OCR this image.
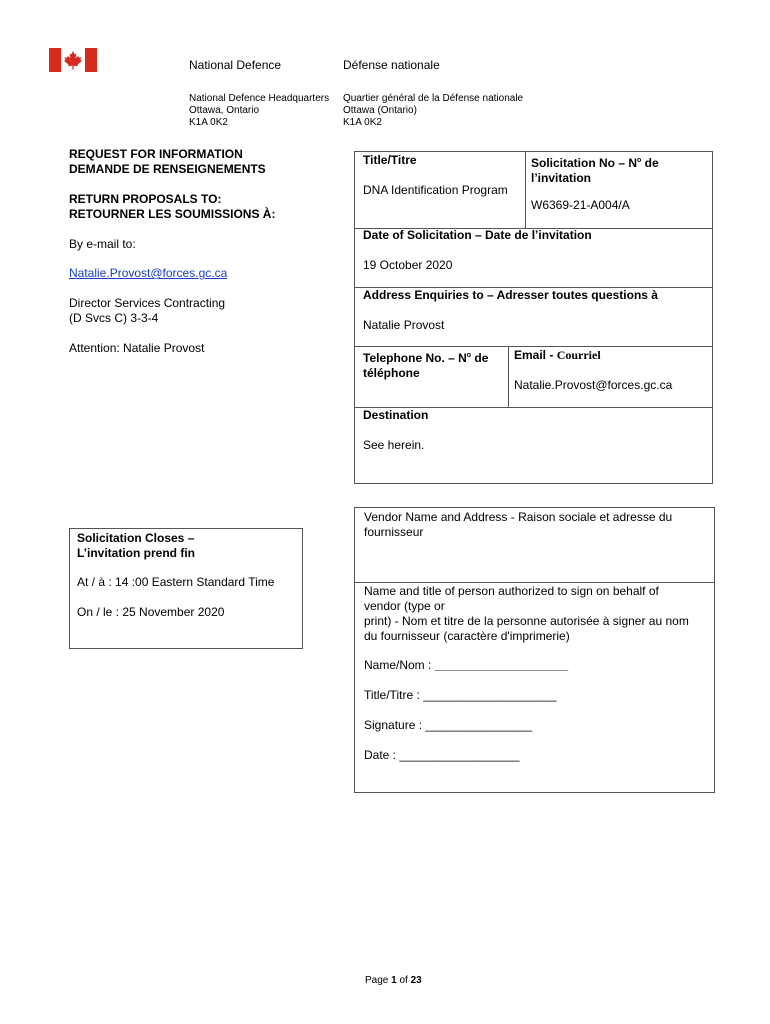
National Defence	Défense nationale
National Defence Headquarters
Ottawa, Ontario
K1A 0K2
Quartier général de la Défense nationale
Ottawa (Ontario)
K1A 0K2
REQUEST FOR INFORMATION
DEMANDE DE RENSEIGNEMENTS
RETURN PROPOSALS TO:
RETOURNER LES SOUMISSIONS À:
By e-mail to:
Natalie.Provost@forces.gc.ca
Director Services Contracting
(D Svcs C) 3-3-4
Attention: Natalie Provost
Solicitation Closes –
L’invitation prend fin
At / à : 14 :00 Eastern Standard Time
On / le : 25 November 2020
Title/Titre
DNA Identification Program
Solicitation No – $N^o$ de
l’invitation
W6369-21-A004/A
Date of Solicitation – Date de l’invitation
19 October 2020
Address Enquiries to – Adresser toutes questions à
Natalie Provost
Telephone No. – $N^o$ de
téléphone
Email - Courriel
Natalie.Provost@forces.gc.ca
Destination
See herein.
Vendor Name and Address - Raison sociale et adresse du
fournisseur
Name and title of person authorized to sign on behalf of
vendor (type or
print) - Nom et titre de la personne autorisée à signer au nom
du fournisseur (caractère d'imprimerie)
Name/Nom : ____________________
Title/Titre : ____________________
Signature : ________________
Date : __________________
Page 1 of 23
